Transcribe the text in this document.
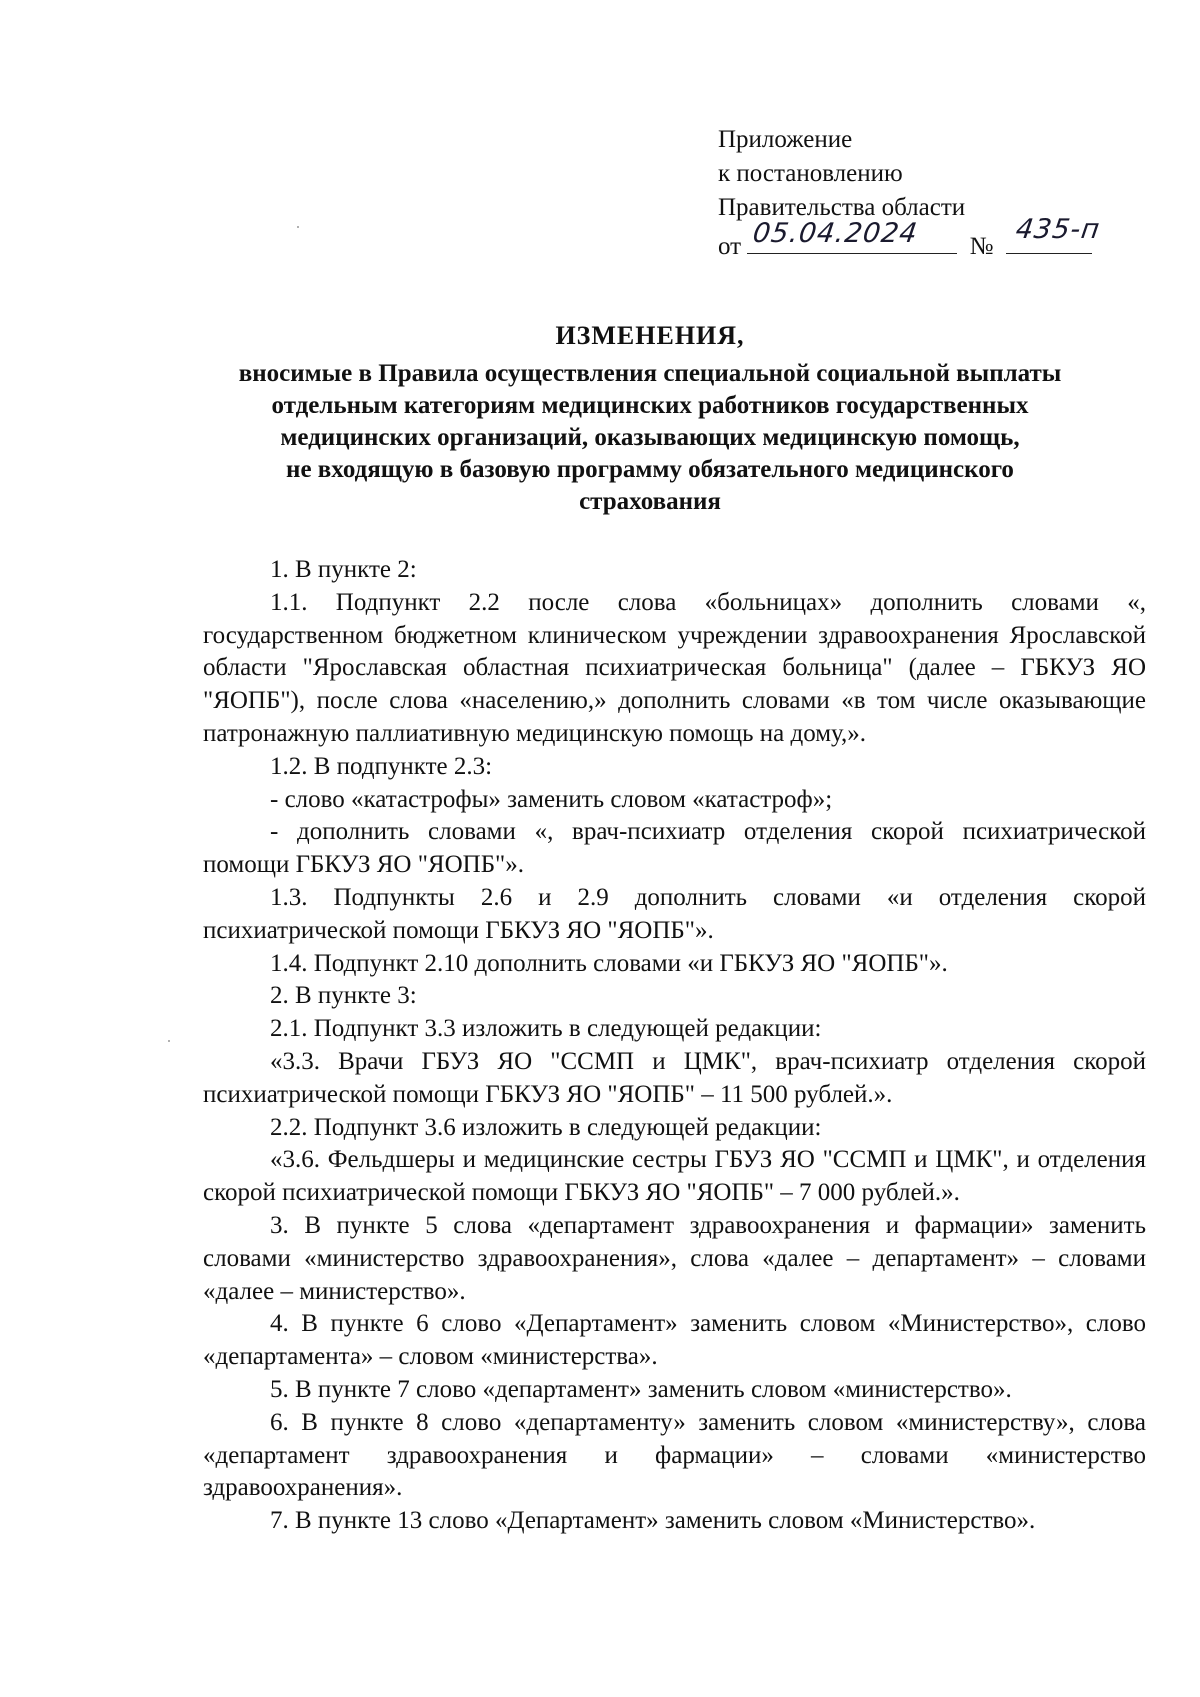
Приложение
к постановлению
Правительства области
от 05.04.2024 №
435-п
ИЗМЕНЕНИЯ,
вносимые в Правила осуществления специальной социальной выплаты
отдельным категориям медицинских работников государственных
медицинских организаций, оказывающих медицинскую помощь,
не входящую в базовую программу обязательного медицинского
страхования

1. В пункте 2:

1.1. Подпункт 2.2 после слова «больницах» дополнить словами «, государственном бюджетном клиническом учреждении здравоохранения Ярославской области "Ярославская областная психиатрическая больница" (далее – ГБКУЗ ЯО "ЯОПБ"), после слова «населению,» дополнить словами «в том числе оказывающие патронажную паллиативную медицинскую помощь на дому,».

1.2. В подпункте 2.3:

- слово «катастрофы» заменить словом «катастроф»;

- дополнить словами «, врач-психиатр отделения скорой психиатрической помощи ГБКУЗ ЯО "ЯОПБ"».

1.3. Подпункты 2.6 и 2.9 дополнить словами «и отделения скорой психиатрической помощи ГБКУЗ ЯО "ЯОПБ"».

1.4. Подпункт 2.10 дополнить словами «и ГБКУЗ ЯО "ЯОПБ"».

2. В пункте 3:

2.1. Подпункт 3.3 изложить в следующей редакции:

«3.3. Врачи ГБУЗ ЯО "ССМП и ЦМК", врач-психиатр отделения скорой психиатрической помощи ГБКУЗ ЯО "ЯОПБ" – 11 500 рублей.».

2.2. Подпункт 3.6 изложить в следующей редакции:

«3.6. Фельдшеры и медицинские сестры ГБУЗ ЯО "ССМП и ЦМК", и отделения скорой психиатрической помощи ГБКУЗ ЯО "ЯОПБ" – 7 000 рублей.».

3. В пункте 5 слова «департамент здравоохранения и фармации» заменить словами «министерство здравоохранения», слова «далее – департамент» – словами «далее – министерство».

4. В пункте 6 слово «Департамент» заменить словом «Министерство», слово «департамента» – словом «министерства».

5. В пункте 7 слово «департамент» заменить словом «министерство».

6. В пункте 8 слово «департаменту» заменить словом «министерству», слова «департамент здравоохранения и фармации» – словами «министерство здравоохранения».

7. В пункте 13 слово «Департамент» заменить словом «Министерство».
